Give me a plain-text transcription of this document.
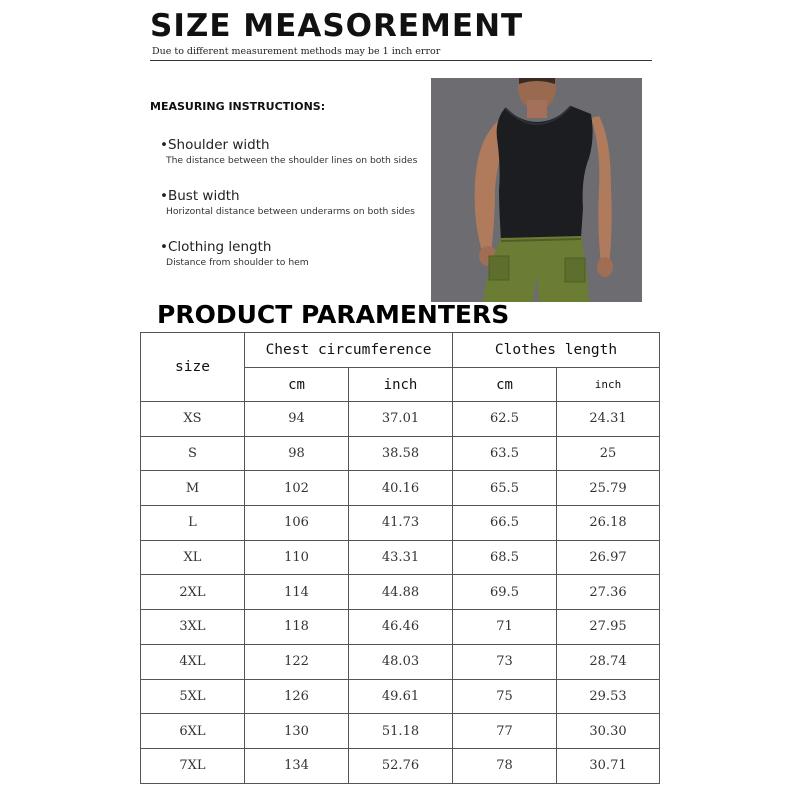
SIZE MEASOREMENT
Due to different measurement methods may be 1 inch error
MEASURING INSTRUCTIONS:
•Shoulder width
The distance between the shoulder lines on both sides
•Bust width
Horizontal distance between underarms on both sides
•Clothing length
Distance from shoulder to hem
PRODUCT PARAMENTERS
size	Chest circumference		Clothes length	
	cm	inch	cm	inch
XS	94	37.01	62.5	24.31
S	98	38.58	63.5	25
M	102	40.16	65.5	25.79
L	106	41.73	66.5	26.18
XL	110	43.31	68.5	26.97
2XL	114	44.88	69.5	27.36
3XL	118	46.46	71	27.95
4XL	122	48.03	73	28.74
5XL	126	49.61	75	29.53
6XL	130	51.18	77	30.30
7XL	134	52.76	78	30.71
